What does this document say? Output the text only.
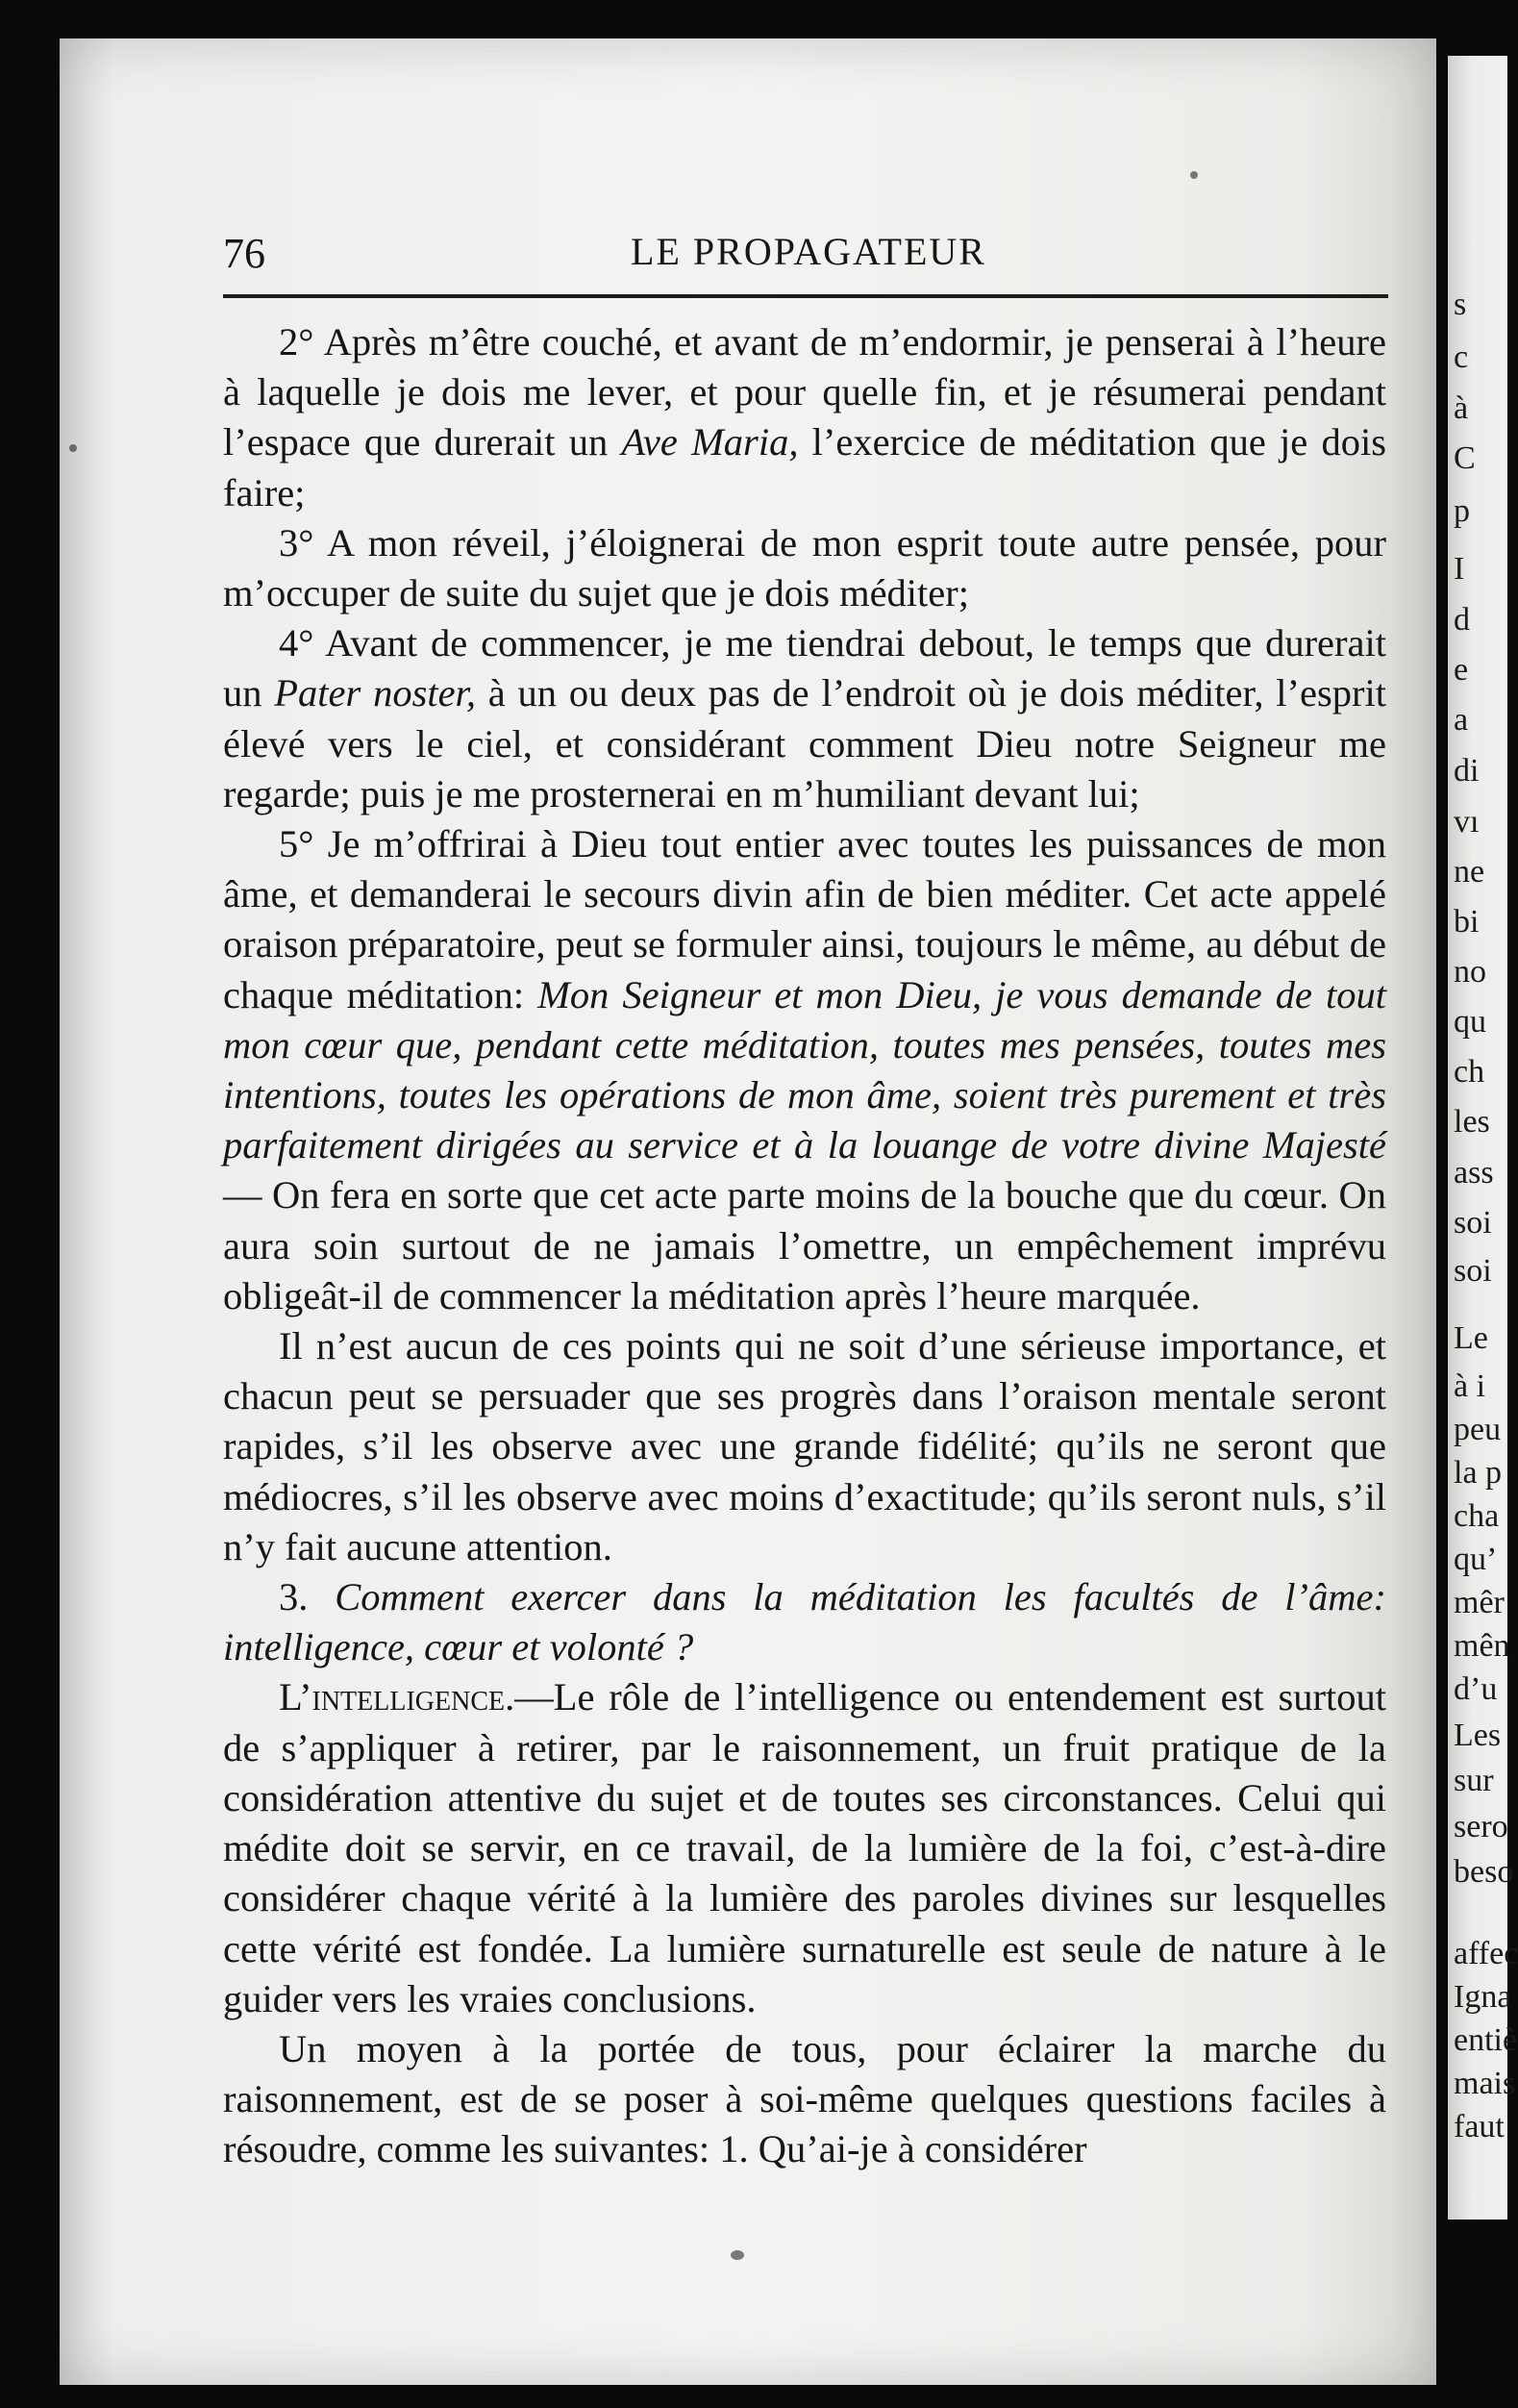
s
c
à
C
p
I
d
e
a
di
vı
ne
bi
no
qu
ch
les
ass
soi
soi
Le
à i
peu
la p
cha
qu’
mêr
mên
d’u
Les
sur
sero
beso
affec
Igna
entiè
mais
faut
76	LE PROPAGATEUR

2° Après m’être couché, et avant de m’endormir, je penserai à l’heure à laquelle je dois me lever, et pour quelle fin, et je résumerai pendant l’espace que durerait un Ave Maria, l’exercice de méditation que je dois faire;

3° A mon réveil, j’éloignerai de mon esprit toute autre pensée, pour m’occuper de suite du sujet que je dois méditer;

4° Avant de commencer, je me tiendrai debout, le temps que durerait un Pater noster, à un ou deux pas de l’endroit où je dois méditer, l’esprit élevé vers le ciel, et considérant comment Dieu notre Seigneur me regarde; puis je me prosternerai en m’humiliant devant lui;

5° Je m’offrirai à Dieu tout entier avec toutes les puissances de mon âme, et demanderai le secours divin afin de bien méditer. Cet acte appelé oraison préparatoire, peut se formuler ainsi, toujours le même, au début de chaque méditation: Mon Seigneur et mon Dieu, je vous demande de tout mon cœur que, pendant cette méditation, toutes mes pensées, toutes mes intentions, toutes les opérations de mon âme, soient très purement et très parfaitement dirigées au service et à la louange de votre divine Majesté — On fera en sorte que cet acte parte moins de la bouche que du cœur. On aura soin surtout de ne jamais l’omettre, un empêchement imprévu obligeât-il de commencer la méditation après l’heure marquée.

Il n’est aucun de ces points qui ne soit d’une sérieuse importance, et chacun peut se persuader que ses progrès dans l’oraison mentale seront rapides, s’il les observe avec une grande fidélité; qu’ils ne seront que médiocres, s’il les observe avec moins d’exactitude; qu’ils seront nuls, s’il n’y fait aucune attention.

3. Comment exercer dans la méditation les facultés de l’âme: intelligence, cœur et volonté ?

L’intelligence.—Le rôle de l’intelligence ou entendement est surtout de s’appliquer à retirer, par le raisonnement, un fruit pratique de la considération attentive du sujet et de toutes ses circonstances. Celui qui médite doit se servir, en ce travail, de la lumière de la foi, c’est-à-dire considérer chaque vérité à la lumière des paroles divines sur lesquelles cette vérité est fondée. La lumière surnaturelle est seule de nature à le guider vers les vraies conclusions.

Un moyen à la portée de tous, pour éclairer la marche du raisonnement, est de se poser à soi-même quelques questions faciles à résoudre, comme les suivantes: 1. Qu’ai-je à considérer
